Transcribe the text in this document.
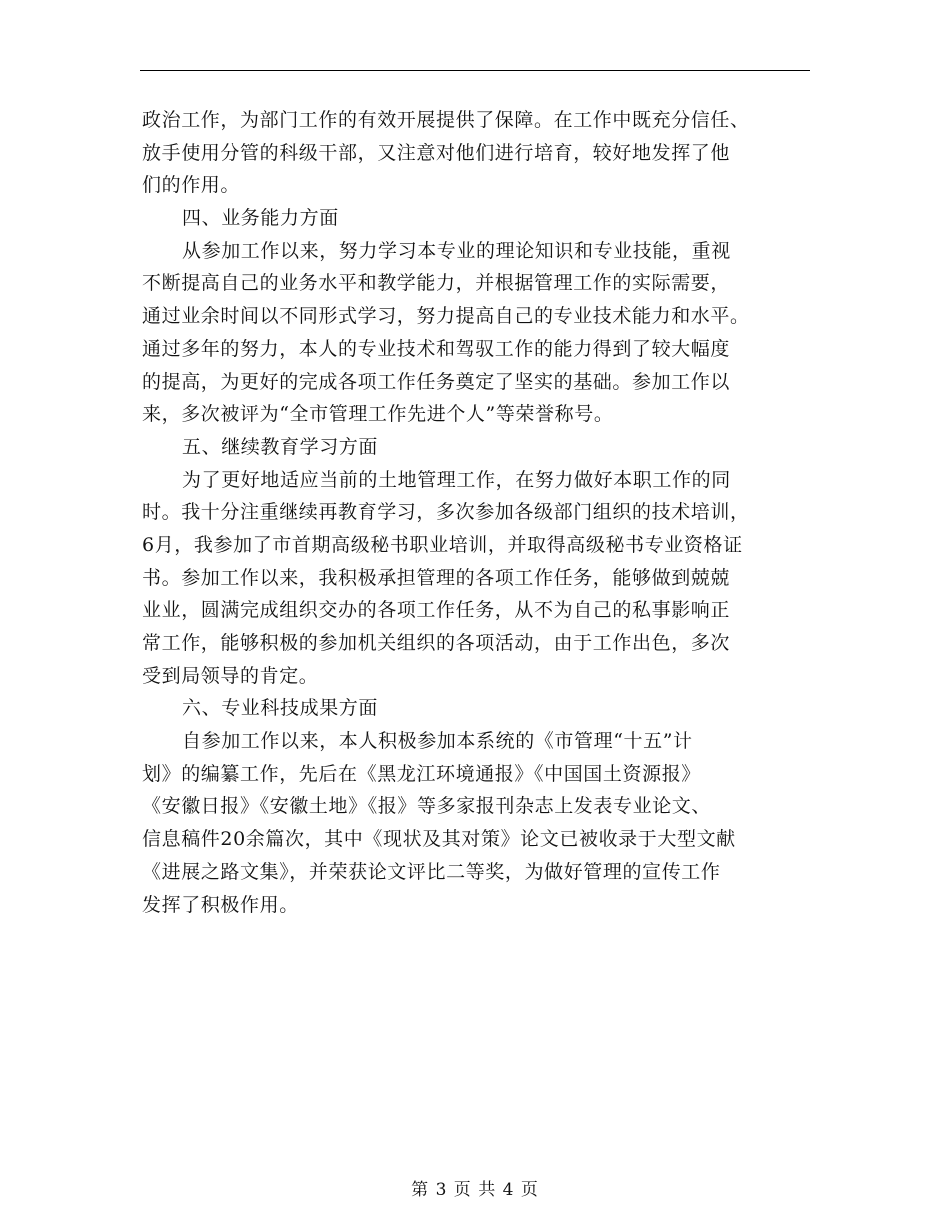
政治工作，为部门工作的有效开展提供了保障。在工作中既充分信任、
放手使用分管的科级干部，又注意对他们进行培育，较好地发挥了他
们的作用。
四、业务能力方面
从参加工作以来，努力学习本专业的理论知识和专业技能，重视
不断提高自己的业务水平和教学能力，并根据管理工作的实际需要，
通过业余时间以不同形式学习，努力提高自己的专业技术能力和水平。
通过多年的努力，本人的专业技术和驾驭工作的能力得到了较大幅度
的提高，为更好的完成各项工作任务奠定了坚实的基础。参加工作以
来，多次被评为“全市管理工作先进个人”等荣誉称号。
五、继续教育学习方面
为了更好地适应当前的土地管理工作，在努力做好本职工作的同
时。我十分注重继续再教育学习，多次参加各级部门组织的技术培训，
6月，我参加了市首期高级秘书职业培训，并取得高级秘书专业资格证
书。参加工作以来，我积极承担管理的各项工作任务，能够做到兢兢
业业，圆满完成组织交办的各项工作任务，从不为自己的私事影响正
常工作，能够积极的参加机关组织的各项活动，由于工作出色，多次
受到局领导的肯定。
六、专业科技成果方面
自参加工作以来，本人积极参加本系统的《市管理“十五”计
划》的编纂工作，先后在《黑龙江环境通报》《中国国土资源报》
《安徽日报》《安徽土地》《报》等多家报刊杂志上发表专业论文、
信息稿件20余篇次，其中《现状及其对策》论文已被收录于大型文献
《进展之路文集》，并荣获论文评比二等奖，为做好管理的宣传工作
发挥了积极作用。
第 3 页 共 4 页
